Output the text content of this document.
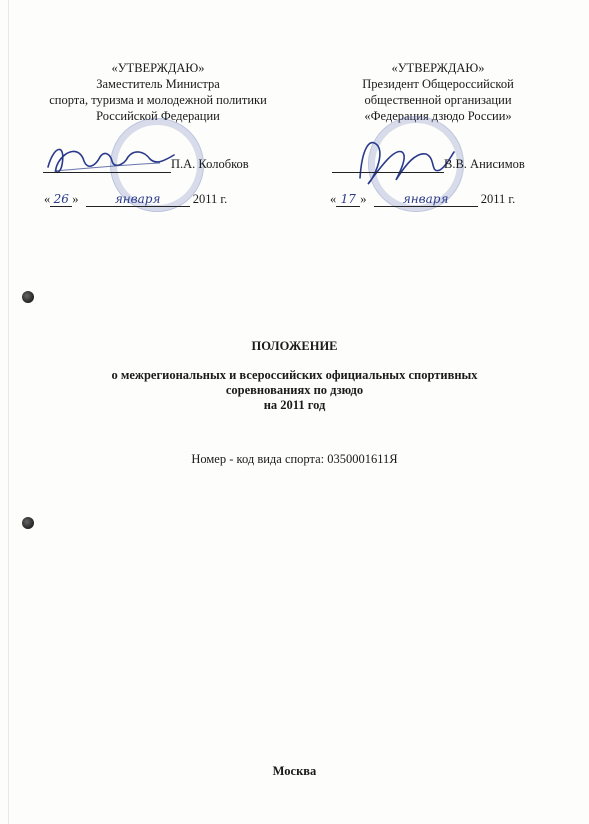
«УТВЕРЖДАЮ»
Заместитель Министра
спорта, туризма и молодежной политики
Российской Федерации
П.А. Колобков
« 26 »	января	2011 г.
«УТВЕРЖДАЮ»
Президент Общероссийской
общественной организации
«Федерация дзюдо России»
В.В. Анисимов
« 17 »	января	2011 г.
ПОЛОЖЕНИЕ
о межрегиональных и всероссийских официальных спортивных
соревнованиях по дзюдо
на 2011 год
Номер - код вида спорта: 0350001611Я
Москва
